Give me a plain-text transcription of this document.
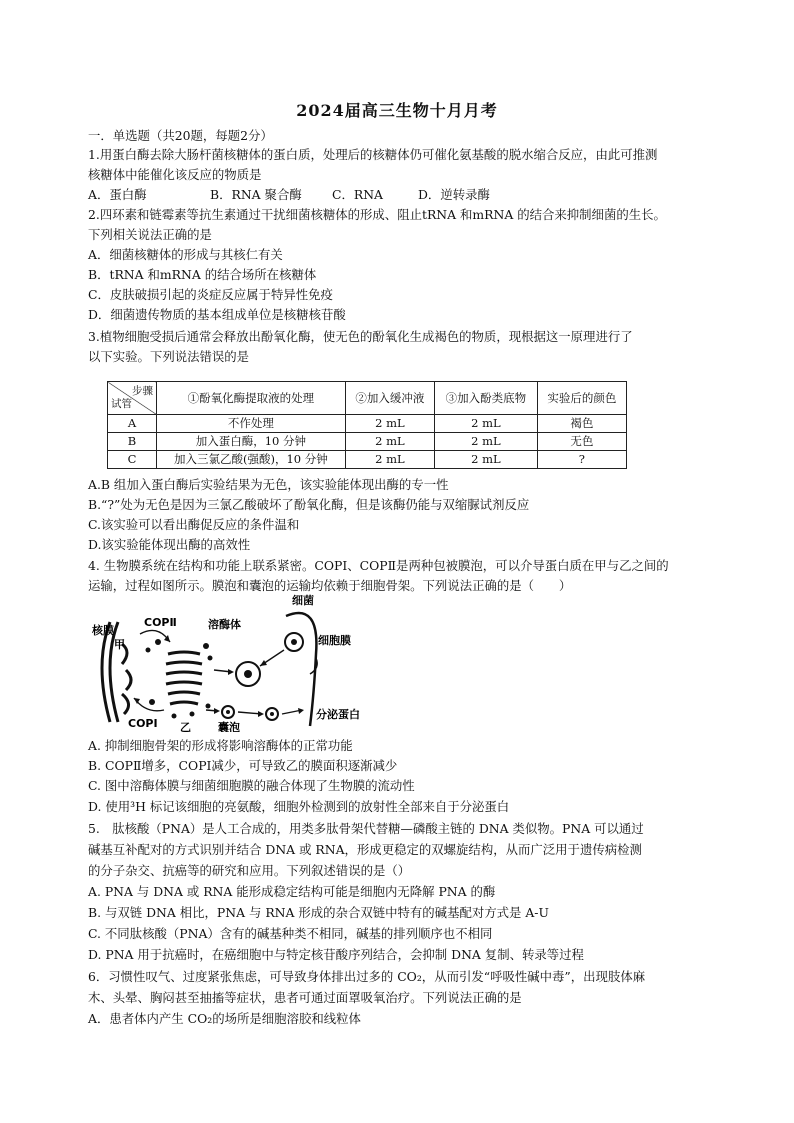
2024届高三生物十月月考
一．单选题（共20题，每题2分）
1.用蛋白酶去除大肠杆菌核糖体的蛋白质，处理后的核糖体仍可催化氨基酸的脱水缩合反应，由此可推测
核糖体中能催化该反应的物质是
A．蛋白酶	B．RNA 聚合酶 C．RNA	D．逆转录酶
2.四环素和链霉素等抗生素通过干扰细菌核糖体的形成、阻止tRNA 和mRNA 的结合来抑制细菌的生长。
下列相关说法正确的是
A．细菌核糖体的形成与其核仁有关
B．tRNA 和mRNA 的结合场所在核糖体
C．皮肤破损引起的炎症反应属于特异性免疫
D．细菌遗传物质的基本组成单位是核糖核苷酸
3.植物细胞受损后通常会释放出酚氧化酶，使无色的酚氧化生成褐色的物质，现根据这一原理进行了
以下实验。下列说法错误的是
步骤
试管	①酚氧化酶提取液的处理	②加入缓冲液	③加入酚类底物	实验后的颜色
A	不作处理	2 mL	2 mL	褐色
B	加入蛋白酶，10 分钟	2 mL	2 mL	无色
C	加入三氯乙酸(强酸)，10 分钟	2 mL	2 mL	?
A.B 组加入蛋白酶后实验结果为无色，该实验能体现出酶的专一性
B.“?”处为无色是因为三氯乙酸破坏了酚氧化酶，但是该酶仍能与双缩脲试剂反应
C.该实验可以看出酶促反应的条件温和
D.该实验能体现出酶的高效性
4. 生物膜系统在结构和功能上联系紧密。COPI、COPⅡ是两种包被膜泡，可以介导蛋白质在甲与乙之间的
运输，过程如图所示。膜泡和囊泡的运输均依赖于细胞骨架。下列说法正确的是（　　）
核膜
甲
COPⅡ	溶酶体
细菌
细胞膜
COPⅠ 乙 囊泡
分泌蛋白
A. 抑制细胞骨架的形成将影响溶酶体的正常功能
B. COPⅡ增多，COPⅠ减少，可导致乙的膜面积逐渐减少
C. 图中溶酶体膜与细菌细胞膜的融合体现了生物膜的流动性
D. 使用³H 标记该细胞的亮氨酸，细胞外检测到的放射性全部来自于分泌蛋白
5.　肽核酸（PNA）是人工合成的，用类多肽骨架代替糖—磷酸主链的 DNA 类似物。PNA 可以通过
碱基互补配对的方式识别并结合 DNA 或 RNA，形成更稳定的双螺旋结构，从而广泛用于遗传病检测
的分子杂交、抗癌等的研究和应用。下列叙述错误的是（）
A. PNA 与 DNA 或 RNA 能形成稳定结构可能是细胞内无降解 PNA 的酶
B. 与双链 DNA 相比，PNA 与 RNA 形成的杂合双链中特有的碱基配对方式是 A-U
C. 不同肽核酸（PNA）含有的碱基种类不相同，碱基的排列顺序也不相同
D. PNA 用于抗癌时，在癌细胞中与特定核苷酸序列结合，会抑制 DNA 复制、转录等过程
6．习惯性叹气、过度紧张焦虑，可导致身体排出过多的 CO₂，从而引发“呼吸性碱中毒”，出现肢体麻
木、头晕、胸闷甚至抽搐等症状，患者可通过面罩吸氧治疗。下列说法正确的是
A．患者体内产生 CO₂的场所是细胞溶胶和线粒体
